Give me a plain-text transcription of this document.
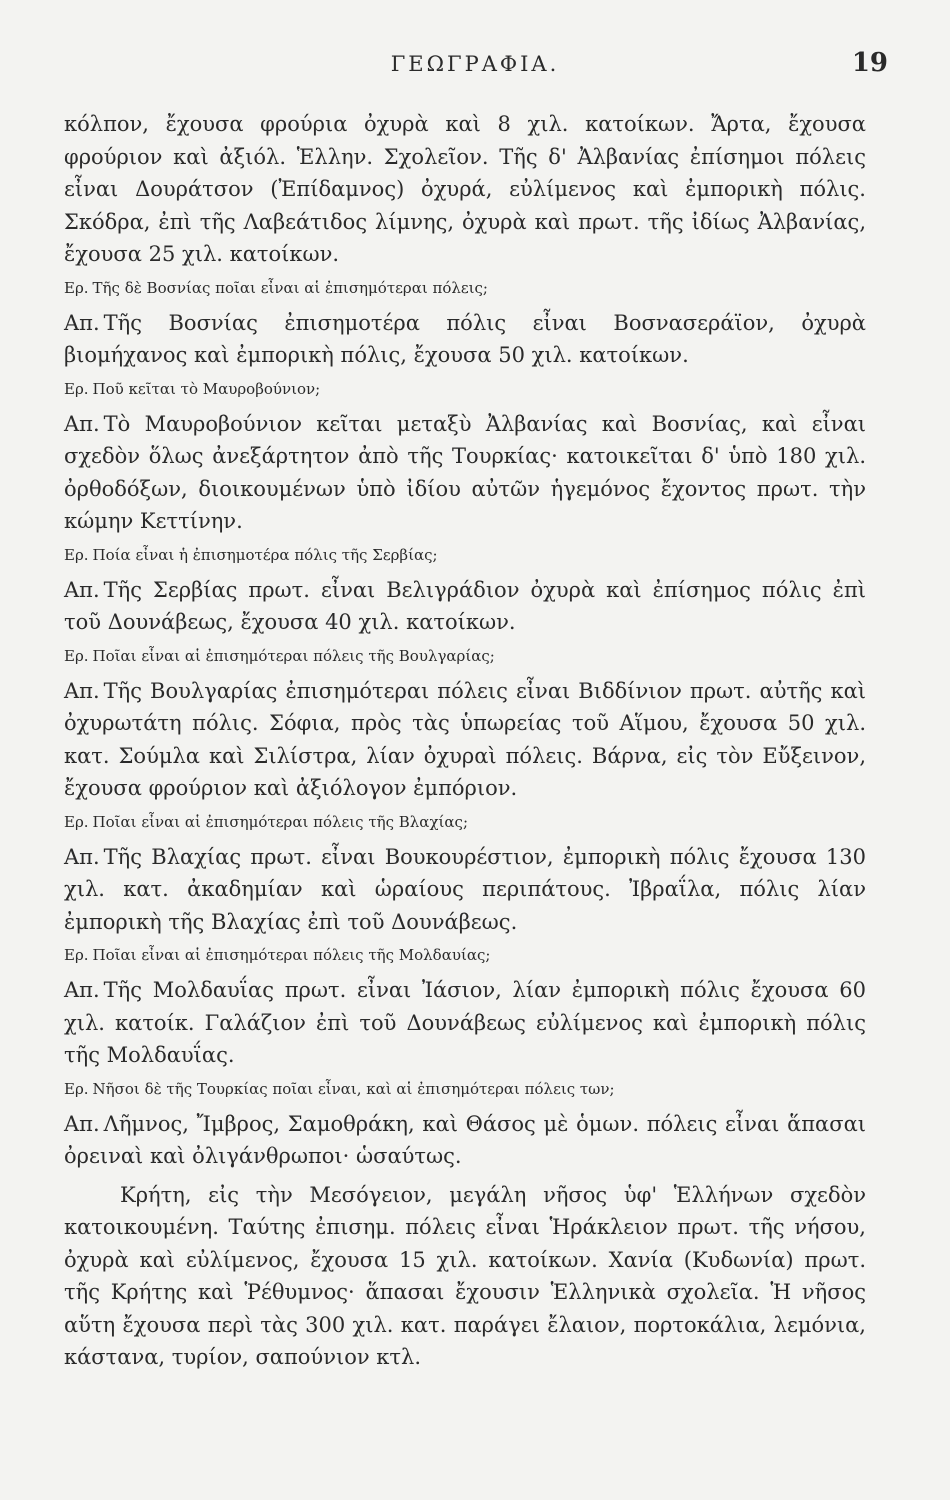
ΓΕΩΓΡΑΦΙΑ.	19

κόλπον, ἔχουσα φρούρια ὀχυρὰ καὶ 8 χιλ. κατοίκων. Ἄρτα, ἔχουσα φρούριον καὶ ἀξιόλ. Ἑλλην. Σχολεῖον. Τῆς δ' Ἀλβανίας ἐπίσημοι πόλεις εἶναι Δουράτσον (Ἐπίδαμνος) ὀχυρά, εὐλίμενος καὶ ἐμπορικὴ πόλις. Σκόδρα, ἐπὶ τῆς Λαβεάτιδος λίμνης, ὀχυρὰ καὶ πρωτ. τῆς ἰδίως Ἀλβανίας, ἔχουσα 25 χιλ. κατοίκων.

Ερ. Τῆς δὲ Βοσνίας ποῖαι εἶναι αἱ ἐπισημότεραι πόλεις;

Απ. Τῆς Βοσνίας ἐπισημοτέρα πόλις εἶναι Βοσνασεράϊον, ὀχυρὰ βιομήχανος καὶ ἐμπορικὴ πόλις, ἔχουσα 50 χιλ. κατοίκων.

Ερ. Ποῦ κεῖται τὸ Μαυροβούνιον;

Απ. Τὸ Μαυροβούνιον κεῖται μεταξὺ Ἀλβανίας καὶ Βοσνίας, καὶ εἶναι σχεδὸν ὅλως ἀνεξάρτητον ἀπὸ τῆς Τουρκίας· κατοικεῖται δ' ὑπὸ 180 χιλ. ὀρθοδόξων, διοικουμένων ὑπὸ ἰδίου αὐτῶν ἡγεμόνος ἔχοντος πρωτ. τὴν κώμην Κεττίνην.

Ερ. Ποία εἶναι ἡ ἐπισημοτέρα πόλις τῆς Σερβίας;

Απ. Τῆς Σερβίας πρωτ. εἶναι Βελιγράδιον ὀχυρὰ καὶ ἐπίσημος πόλις ἐπὶ τοῦ Δουνάβεως, ἔχουσα 40 χιλ. κατοίκων.

Ερ. Ποῖαι εἶναι αἱ ἐπισημότεραι πόλεις τῆς Βουλγαρίας;

Απ. Τῆς Βουλγαρίας ἐπισημότεραι πόλεις εἶναι Βιδδίνιον πρωτ. αὐτῆς καὶ ὀχυρωτάτη πόλις. Σόφια, πρὸς τὰς ὑπωρείας τοῦ Αἵμου, ἔχουσα 50 χιλ. κατ. Σούμλα καὶ Σιλίστρα, λίαν ὀχυραὶ πόλεις. Βάρνα, εἰς τὸν Εὔξεινον, ἔχουσα φρούριον καὶ ἀξιόλογον ἐμπόριον.

Ερ. Ποῖαι εἶναι αἱ ἐπισημότεραι πόλεις τῆς Βλαχίας;

Απ. Τῆς Βλαχίας πρωτ. εἶναι Βουκουρέστιον, ἐμπορικὴ πόλις ἔχουσα 130 χιλ. κατ. ἀκαδημίαν καὶ ὡραίους περιπάτους. Ἰβραΐλα, πόλις λίαν ἐμπορικὴ τῆς Βλαχίας ἐπὶ τοῦ Δουνάβεως.

Ερ. Ποῖαι εἶναι αἱ ἐπισημότεραι πόλεις τῆς Μολδαυίας;

Απ. Τῆς Μολδαυΐας πρωτ. εἶναι Ἰάσιον, λίαν ἐμπορικὴ πόλις ἔχουσα 60 χιλ. κατοίκ. Γαλάζιον ἐπὶ τοῦ Δουνάβεως εὐλίμενος καὶ ἐμπορικὴ πόλις τῆς Μολδαυΐας.

Ερ. Νῆσοι δὲ τῆς Τουρκίας ποῖαι εἶναι, καὶ αἱ ἐπισημότεραι πόλεις των;

Απ. Λῆμνος, Ἴμβρος, Σαμοθράκη, καὶ Θάσος μὲ ὁμων. πόλεις εἶναι ἅπασαι ὀρειναὶ καὶ ὀλιγάνθρωποι· ὡσαύτως.

Κρήτη, εἰς τὴν Μεσόγειον, μεγάλη νῆσος ὑφ' Ἑλλήνων σχεδὸν κατοικουμένη. Ταύτης ἐπισημ. πόλεις εἶναι Ἡράκλειον πρωτ. τῆς νήσου, ὀχυρὰ καὶ εὐλίμενος, ἔχουσα 15 χιλ. κατοίκων. Χανία (Κυδωνία) πρωτ. τῆς Κρήτης καὶ Ῥέθυμνος· ἅπασαι ἔχουσιν Ἑλληνικὰ σχολεῖα. Ἡ νῆσος αὕτη ἔχουσα περὶ τὰς 300 χιλ. κατ. παράγει ἔλαιον, πορτοκάλια, λεμόνια, κάστανα, τυρίον, σαπούνιον κτλ.
